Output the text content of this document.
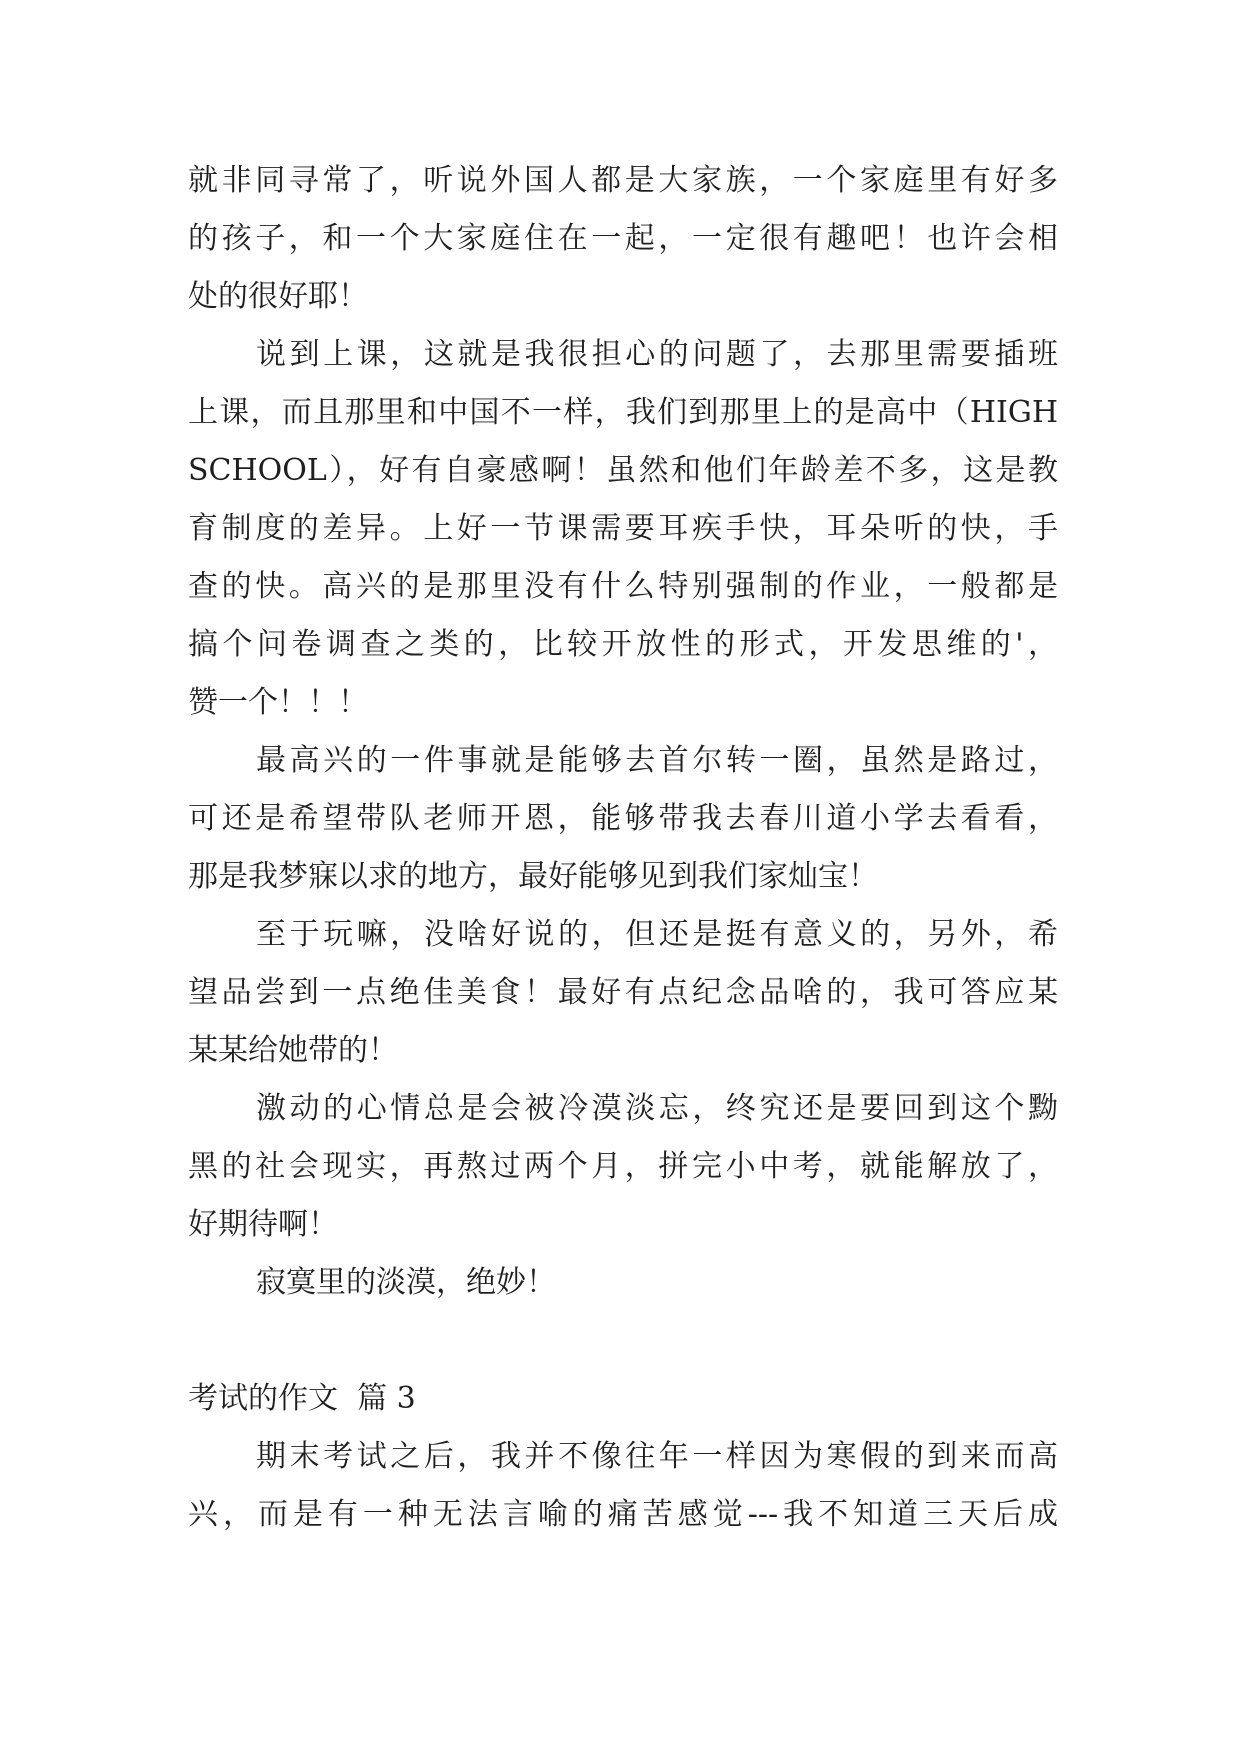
就非同寻常了，听说外国人都是大家族，一个家庭里有好多
的孩子，和一个大家庭住在一起，一定很有趣吧！也许会相
处的很好耶！
说到上课，这就是我很担心的问题了，去那里需要插班
上课，而且那里和中国不一样，我们到那里上的是高中（HIGH
SCHOOL），好有自豪感啊！虽然和他们年龄差不多，这是教
育制度的差异。上好一节课需要耳疾手快，耳朵听的快，手
查的快。高兴的是那里没有什么特别强制的作业，一般都是
搞个问卷调查之类的，比较开放性的形式，开发思维的'，
赞一个！！！
最高兴的一件事就是能够去首尔转一圈，虽然是路过，
可还是希望带队老师开恩，能够带我去春川道小学去看看，
那是我梦寐以求的地方，最好能够见到我们家灿宝！
至于玩嘛，没啥好说的，但还是挺有意义的，另外，希
望品尝到一点绝佳美食！最好有点纪念品啥的，我可答应某
某某给她带的！
激动的心情总是会被冷漠淡忘，终究还是要回到这个黝
黑的社会现实，再熬过两个月，拼完小中考，就能解放了，
好期待啊！
寂寞里的淡漠，绝妙！
考试的作文  篇 3
期末考试之后，我并不像往年一样因为寒假的到来而高
兴，而是有一种无法言喻的痛苦感觉---我不知道三天后成
